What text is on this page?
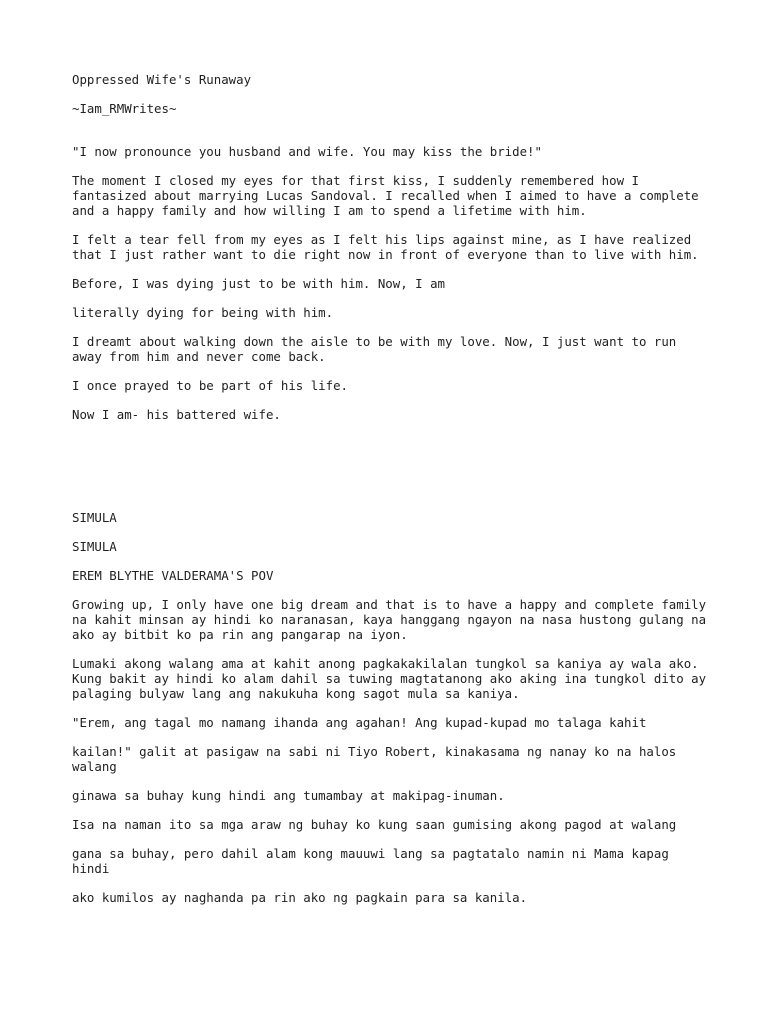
Oppressed Wife's Runaway

~Iam_RMWrites~

"I now pronounce you husband and wife. You may kiss the bride!"

The moment I closed my eyes for that first kiss, I suddenly remembered how I fantasized about marrying Lucas Sandoval. I recalled when I aimed to have a complete and a happy family and how willing I am to spend a lifetime with him.

I felt a tear fell from my eyes as I felt his lips against mine, as I have realized that I just rather want to die right now in front of everyone than to live with him.

Before, I was dying just to be with him. Now, I am

literally dying for being with him.

I dreamt about walking down the aisle to be with my love. Now, I just want to run away from him and never come back.

I once prayed to be part of his life.

Now I am- his battered wife.

SIMULA

SIMULA

EREM BLYTHE VALDERAMA'S POV

Growing up, I only have one big dream and that is to have a happy and complete family na kahit minsan ay hindi ko naranasan, kaya hanggang ngayon na nasa hustong gulang na ako ay bitbit ko pa rin ang pangarap na iyon.

Lumaki akong walang ama at kahit anong pagkakakilalan tungkol sa kaniya ay wala ako. Kung bakit ay hindi ko alam dahil sa tuwing magtatanong ako aking ina tungkol dito ay palaging bulyaw lang ang nakukuha kong sagot mula sa kaniya.

"Erem, ang tagal mo namang ihanda ang agahan! Ang kupad-kupad mo talaga kahit

kailan!" galit at pasigaw na sabi ni Tiyo Robert, kinakasama ng nanay ko na halos walang

ginawa sa buhay kung hindi ang tumambay at makipag-inuman.

Isa na naman ito sa mga araw ng buhay ko kung saan gumising akong pagod at walang

gana sa buhay, pero dahil alam kong mauuwi lang sa pagtatalo namin ni Mama kapag hindi

ako kumilos ay naghanda pa rin ako ng pagkain para sa kanila.
